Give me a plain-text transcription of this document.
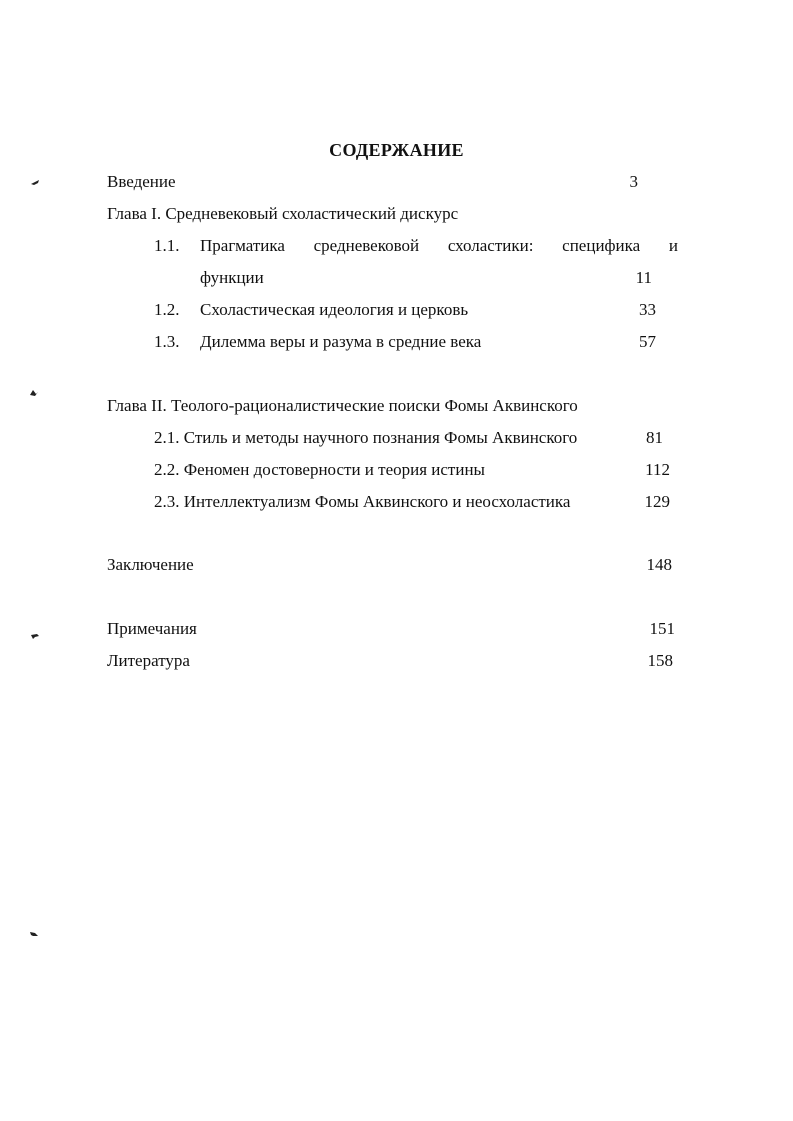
СОДЕРЖАНИЕ
Введение	3
Глава I. Средневековый схоластический дискурс
1.1. Прагматика средневековой схоластики: специфика и
функции	11
1.2. Схоластическая идеология и церковь	33
1.3. Дилемма веры и разума в средние века	57
Глава II. Теолого-рационалистические поиски Фомы Аквинского
2.1. Стиль и методы научного познания Фомы Аквинского	81
2.2. Феномен достоверности и теория истины	112
2.3. Интеллектуализм Фомы Аквинского и неосхоластика	129
Заключение	148
Примечания	151
Литература	158
